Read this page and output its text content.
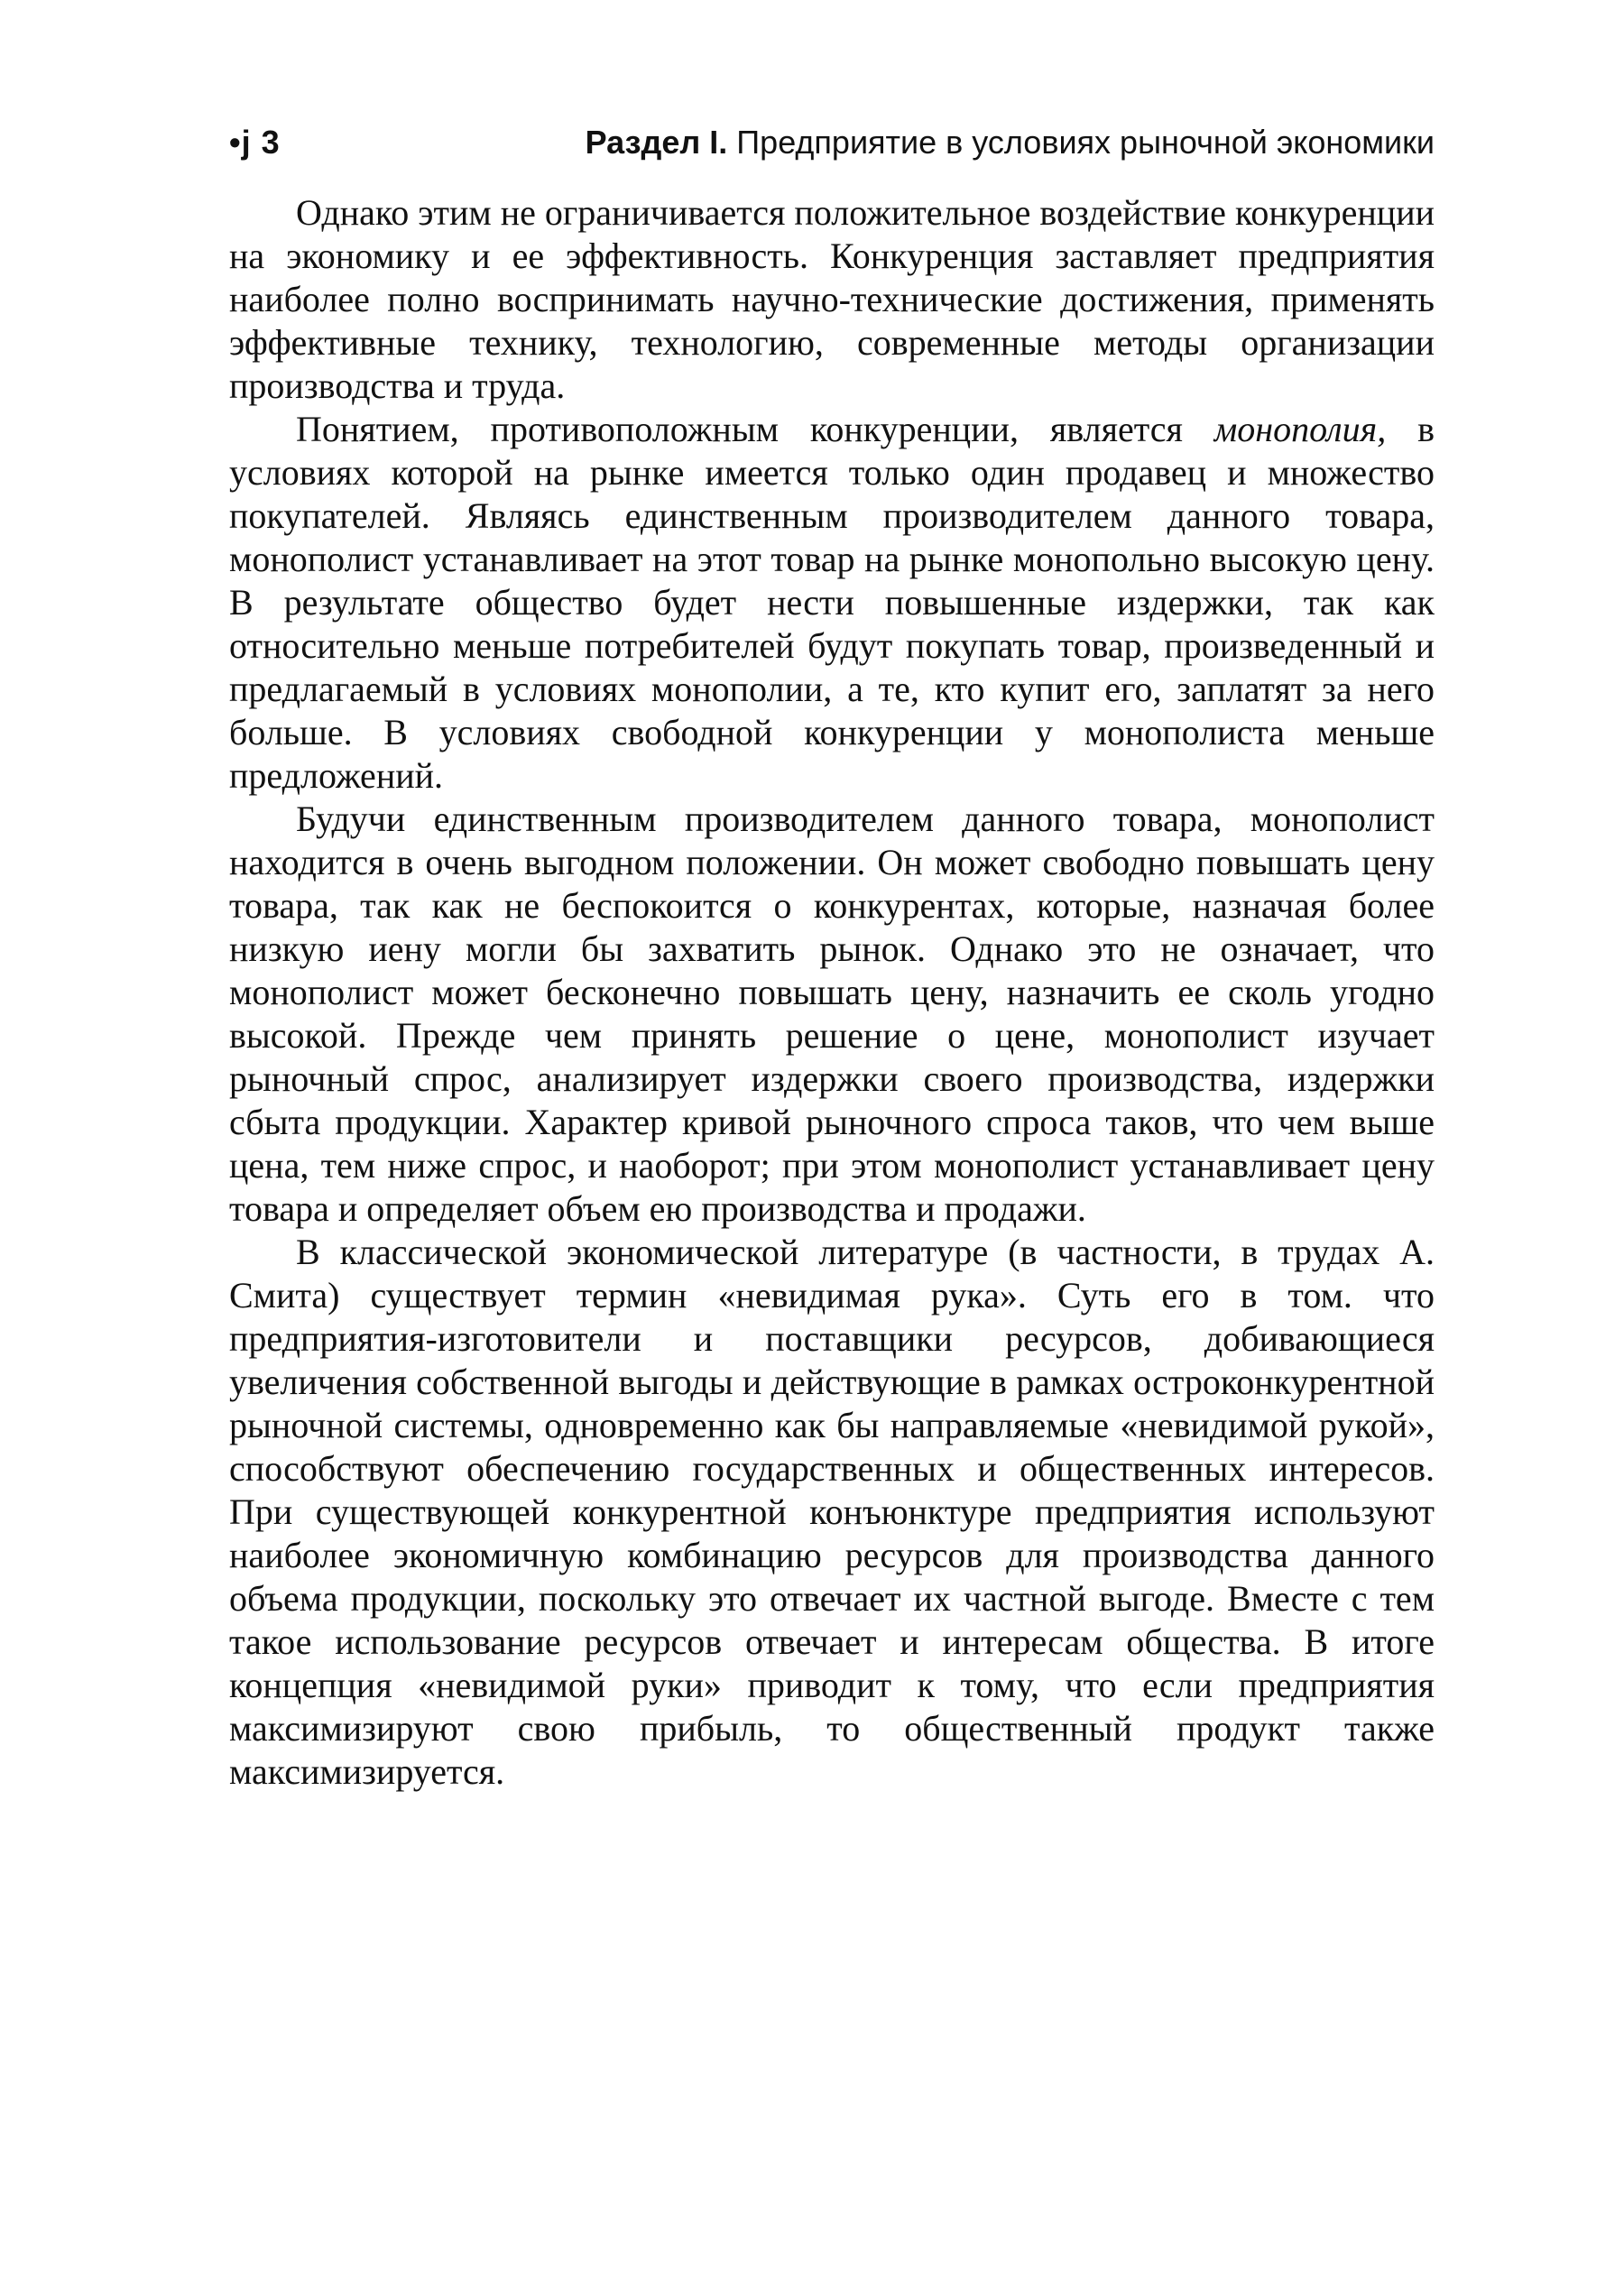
•j 3	Раздел I. Предприятие в условиях рыночной экономики

Однако этим не ограничивается положительное воздействие конкуренции на экономику и ее эффективность. Конкуренция заставляет предприятия наиболее полно воспринимать научно-технические достижения, применять эффективные технику, технологию, современные методы организации производства и труда.

Понятием, противоположным конкуренции, является монополия, в условиях которой на рынке имеется только один продавец и множество покупателей. Являясь единственным производителем данного товара, монополист устанавливает на этот товар на рынке монопольно высокую цену. В результате общество будет нести повышенные издержки, так как относительно меньше потребителей будут покупать товар, произведенный и предлагаемый в условиях монополии, а те, кто купит его, заплатят за него больше. В условиях свободной конкуренции у монополиста меньше предложений.

Будучи единственным производителем данного товара, монополист находится в очень выгодном положении. Он может свободно повышать цену товара, так как не беспокоится о конкурентах, которые, назначая более низкую иену могли бы захватить рынок. Однако это не означает, что монополист может бесконечно повышать цену, назначить ее сколь угодно высокой. Прежде чем принять решение о цене, монополист изучает рыночный спрос, анализирует издержки своего производства, издержки сбыта продукции. Характер кривой рыночного спроса таков, что чем выше цена, тем ниже спрос, и наоборот; при этом монополист устанавливает цену товара и определяет объем ею производства и продажи.

В классической экономической литературе (в частности, в трудах А. Смита) существует термин «невидимая рука». Суть его в том. что предприятия-изготовители и поставщики ресурсов, добивающиеся увеличения собственной выгоды и действующие в рамках остроконкурентной рыночной системы, одновременно как бы направляемые «невидимой рукой», способствуют обеспечению государственных и общественных интересов. При существующей конкурентной конъюнктуре предприятия используют наиболее экономичную комбинацию ресурсов для производства данного объема продукции, поскольку это отвечает их частной выгоде. Вместе с тем такое использование ресурсов отвечает и интересам общества. В итоге концепция «невидимой руки» приводит к тому, что если предприятия максимизируют свою прибыль, то общественный продукт также максимизируется.
